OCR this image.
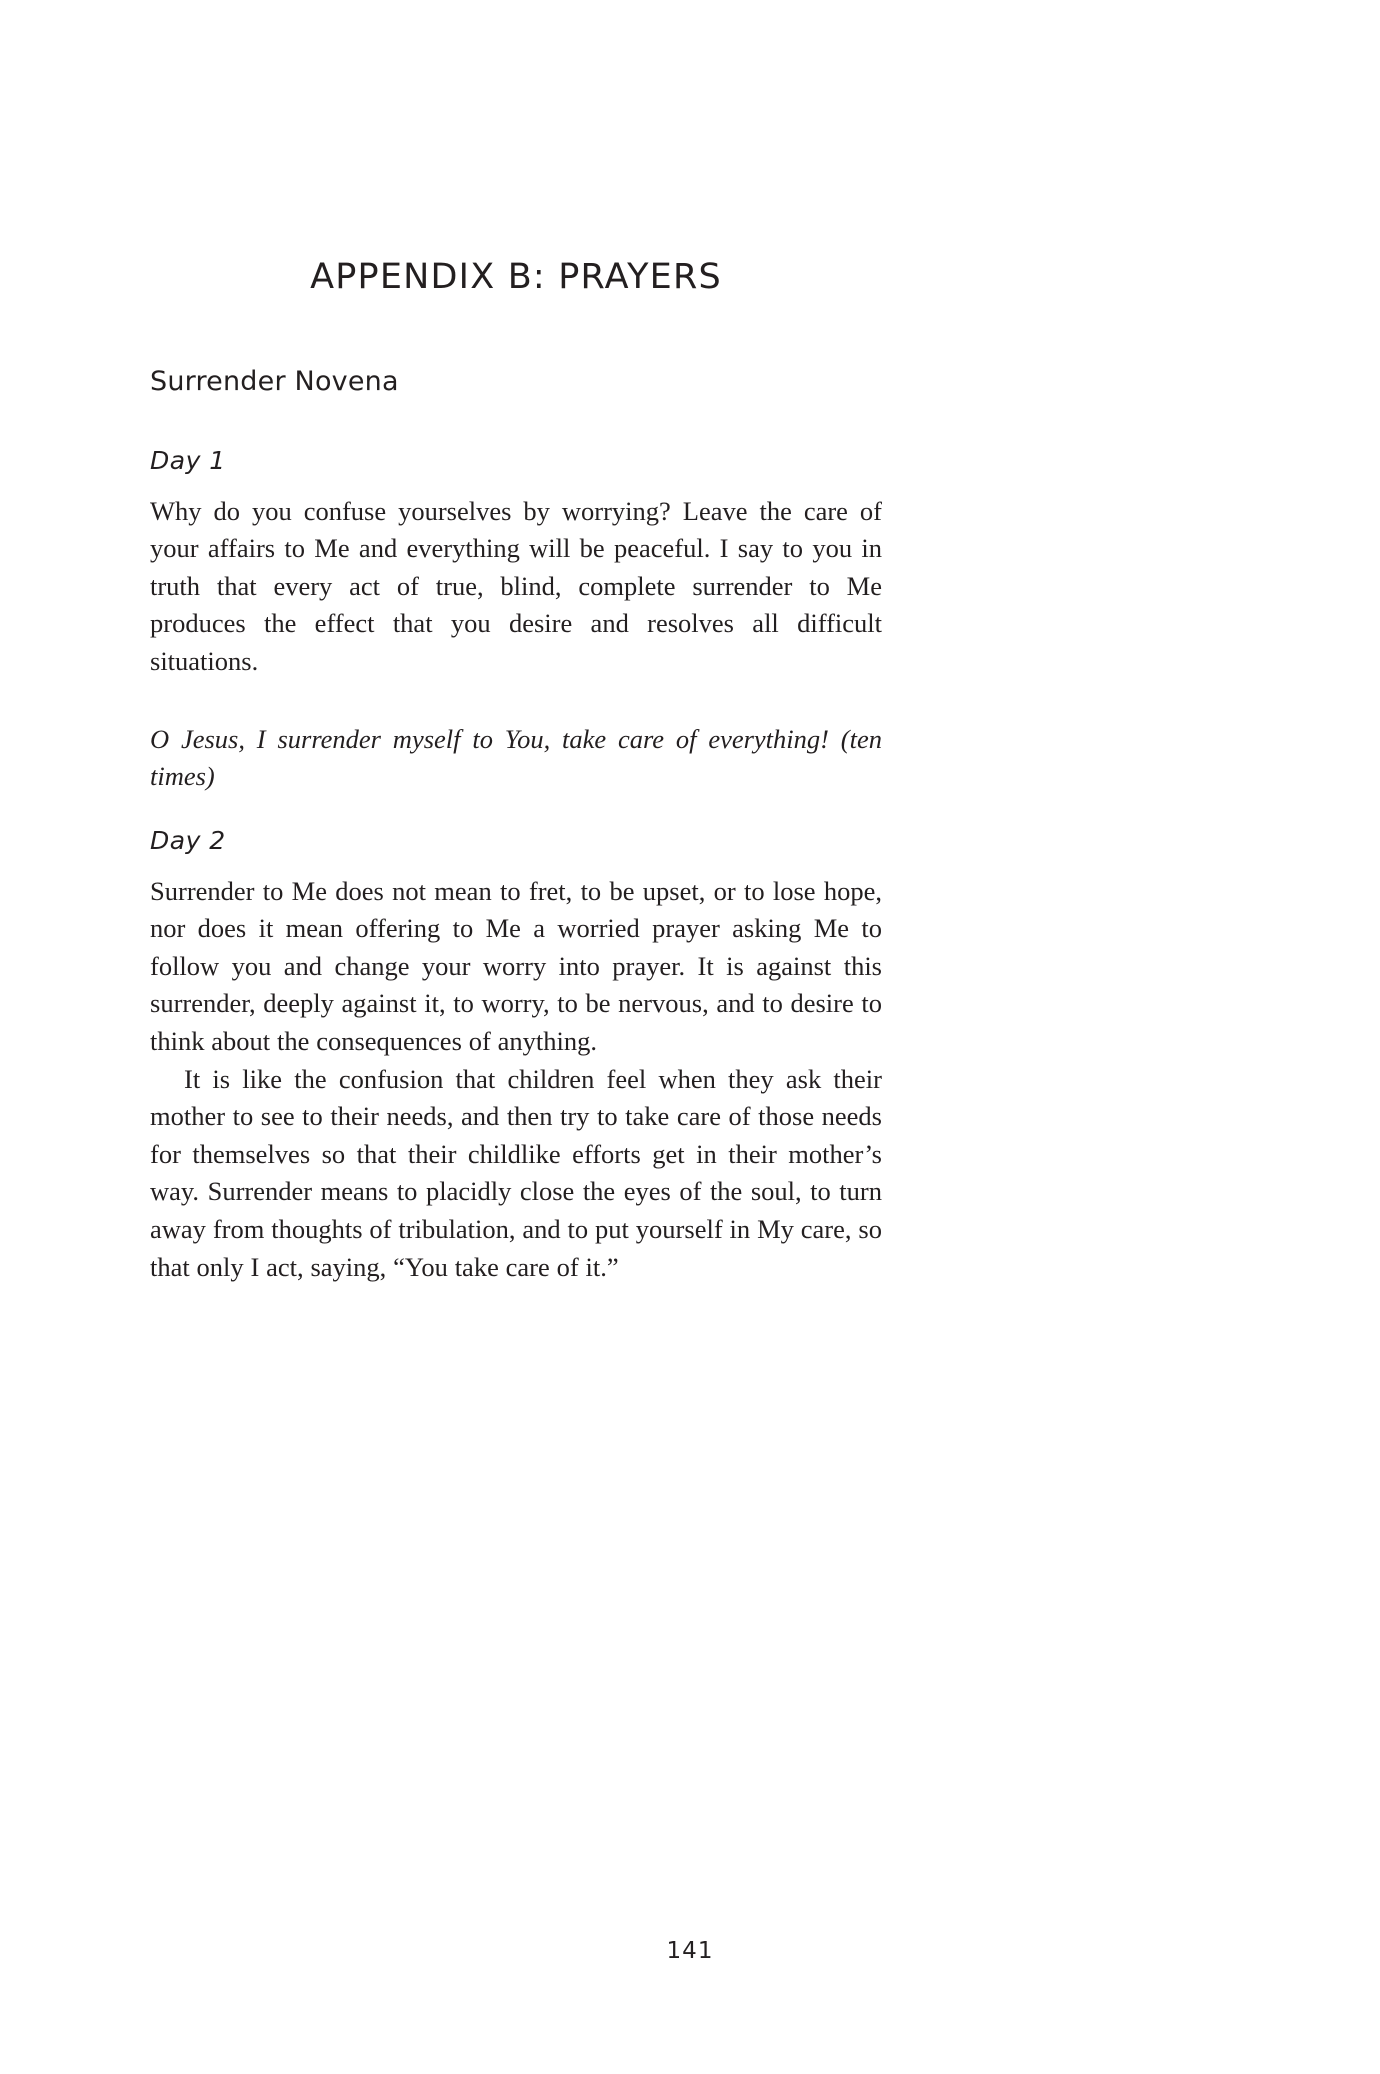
APPENDIX B: PRAYERS
Surrender Novena

Day 1

Why do you confuse yourselves by worrying? Leave the care of your affairs to Me and everything will be peaceful. I say to you in truth that every act of true, blind, complete surrender to Me produces the effect that you desire and resolves all difficult situations.

O Jesus, I surrender myself to You, take care of everything! (ten times)

Day 2

Surrender to Me does not mean to fret, to be upset, or to lose hope, nor does it mean offering to Me a worried prayer asking Me to follow you and change your worry into prayer. It is against this surrender, deeply against it, to worry, to be nervous, and to desire to think about the consequences of anything.

It is like the confusion that children feel when they ask their mother to see to their needs, and then try to take care of those needs for themselves so that their childlike efforts get in their mother’s way. Surrender means to placidly close the eyes of the soul, to turn away from thoughts of tribulation, and to put yourself in My care, so that only I act, saying, “You take care of it.”

141
